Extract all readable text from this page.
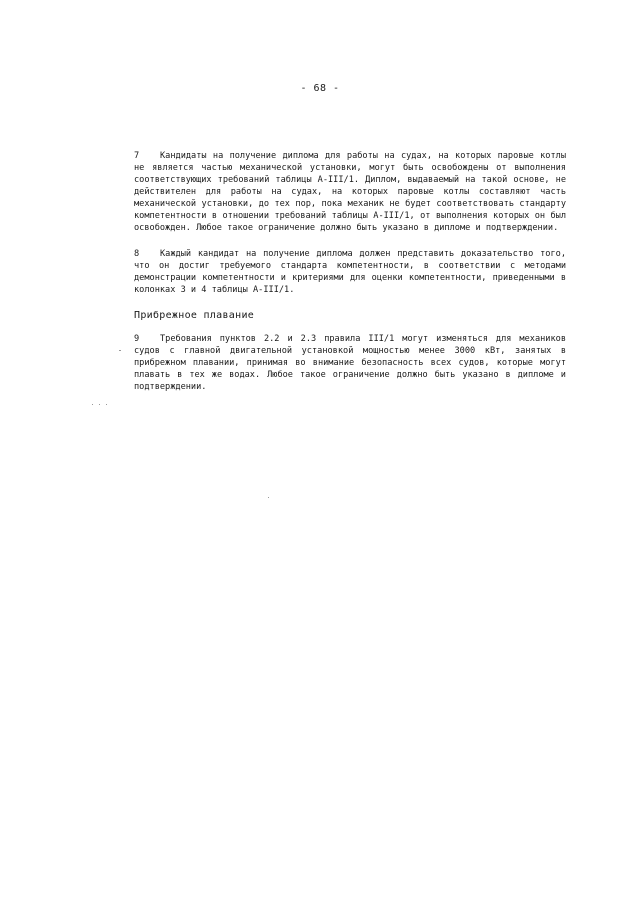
- 68 -

7 Кандидаты на получение диплома для работы на судах, на которых паровые котлы не является частью механической установки, могут быть освобождены от выполнения соответствующих требований таблицы A-III/1. Диплом, выдаваемый на такой основе, не действителен для работы на судах, на которых паровые котлы составляют часть механической установки, до тех пор, пока механик не будет соответствовать стандарту компетентности в отношении требований таблицы A-III/1, от выполнения которых он был освобожден. Любое такое ограничение должно быть указано в дипломе и подтверждении.

8 Каждый кандидат на получение диплома должен представить доказательство того, что он достиг требуемого стандарта компетентности, в соответствии с методами демонстрации компетентности и критериями для оценки компетентности, приведенными в колонках 3 и 4 таблицы A-III/1.

Прибрежное плавание

9 Требования пунктов 2.2 и 2.3 правила III/1 могут изменяться для механиков судов с главной двигательной установкой мощностью менее 3000 кВт, занятых в прибрежном плавании, принимая во внимание безопасность всех судов, которые могут плавать в тех же водах. Любое такое ограничение должно быть указано в дипломе и подтверждении.
